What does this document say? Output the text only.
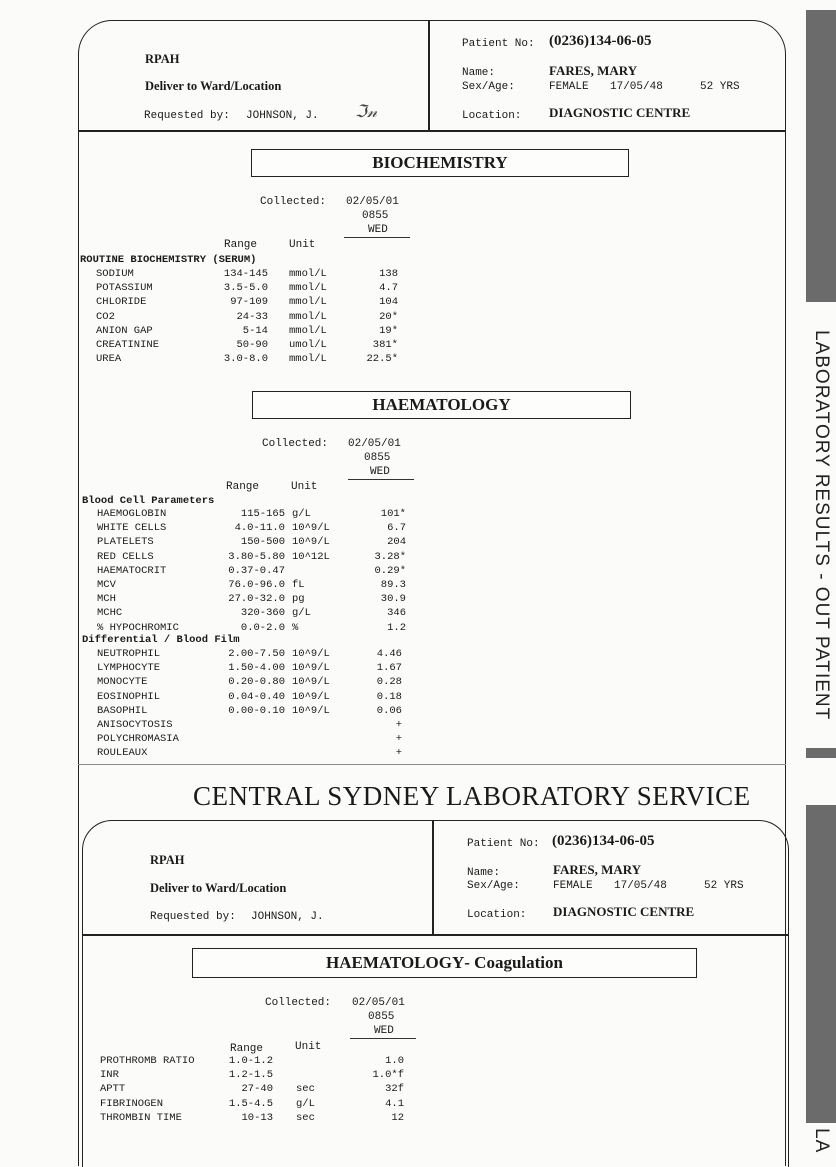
RPAH
Deliver to Ward/Location
Requested by: JOHNSON, J. ℑ𝓃
Patient No: (0236)134-06-05
Name:	FARES, MARY
Sex/Age:	FEMALE 17/05/48	52 YRS
Location: DIAGNOSTIC CENTRE
BIOCHEMISTRY
Collected: 02/05/01
0855
WED
Range	Unit
ROUTINE BIOCHEMISTRY (SERUM)
SODIUM	134-145 mmol/L	138
POTASSIUM	3.5-5.0 mmol/L	4.7
CHLORIDE	97-109 mmol/L	104
CO2	24-33 mmol/L	20*
ANION GAP	5-14 mmol/L	19*
CREATININE	50-90 umol/L	381*
UREA	3.0-8.0 mmol/L	22.5*
HAEMATOLOGY
Collected: 02/05/01
0855
WED
Range	Unit
Blood Cell Parameters
HAEMOGLOBIN	115-165 g/L	101*
WHITE CELLS	4.0-11.0 10^9/L	6.7
PLATELETS	150-500 10^9/L	204
RED CELLS	3.80-5.80 10^12L	3.28*
HAEMATOCRIT	0.37-0.47	0.29*
MCV	76.0-96.0 fL	89.3
MCH	27.0-32.0 pg	30.9
MCHC	320-360 g/L	346
% HYPOCHROMIC	0.0-2.0 %	1.2
Differential / Blood Film
NEUTROPHIL	2.00-7.50 10^9/L	4.46
LYMPHOCYTE	1.50-4.00 10^9/L	1.67
MONOCYTE	0.20-0.80 10^9/L	0.28
EOSINOPHIL	0.04-0.40 10^9/L	0.18
BASOPHIL	0.00-0.10 10^9/L	0.06
ANISOCYTOSIS	+
POLYCHROMASIA	+
ROULEAUX	+
CENTRAL SYDNEY LABORATORY SERVICE
RPAH
Deliver to Ward/Location
Requested by: JOHNSON, J.
Patient No: (0236)134-06-05
Name:	FARES, MARY
Sex/Age:	FEMALE 17/05/48	52 YRS
Location: DIAGNOSTIC CENTRE
HAEMATOLOGY - Coagulation
Collected: 02/05/01
0855
WED
Range	Unit
PROTHROMB RATIO	1.0-1.2	1.0
INR	1.2-1.5	1.0*f
APTT	27-40 sec	32f
FIBRINOGEN	1.5-4.5 g/L	4.1
THROMBIN TIME	10-13 sec	12
LABORATORY RESULTS - OUT PATIENT
LA
